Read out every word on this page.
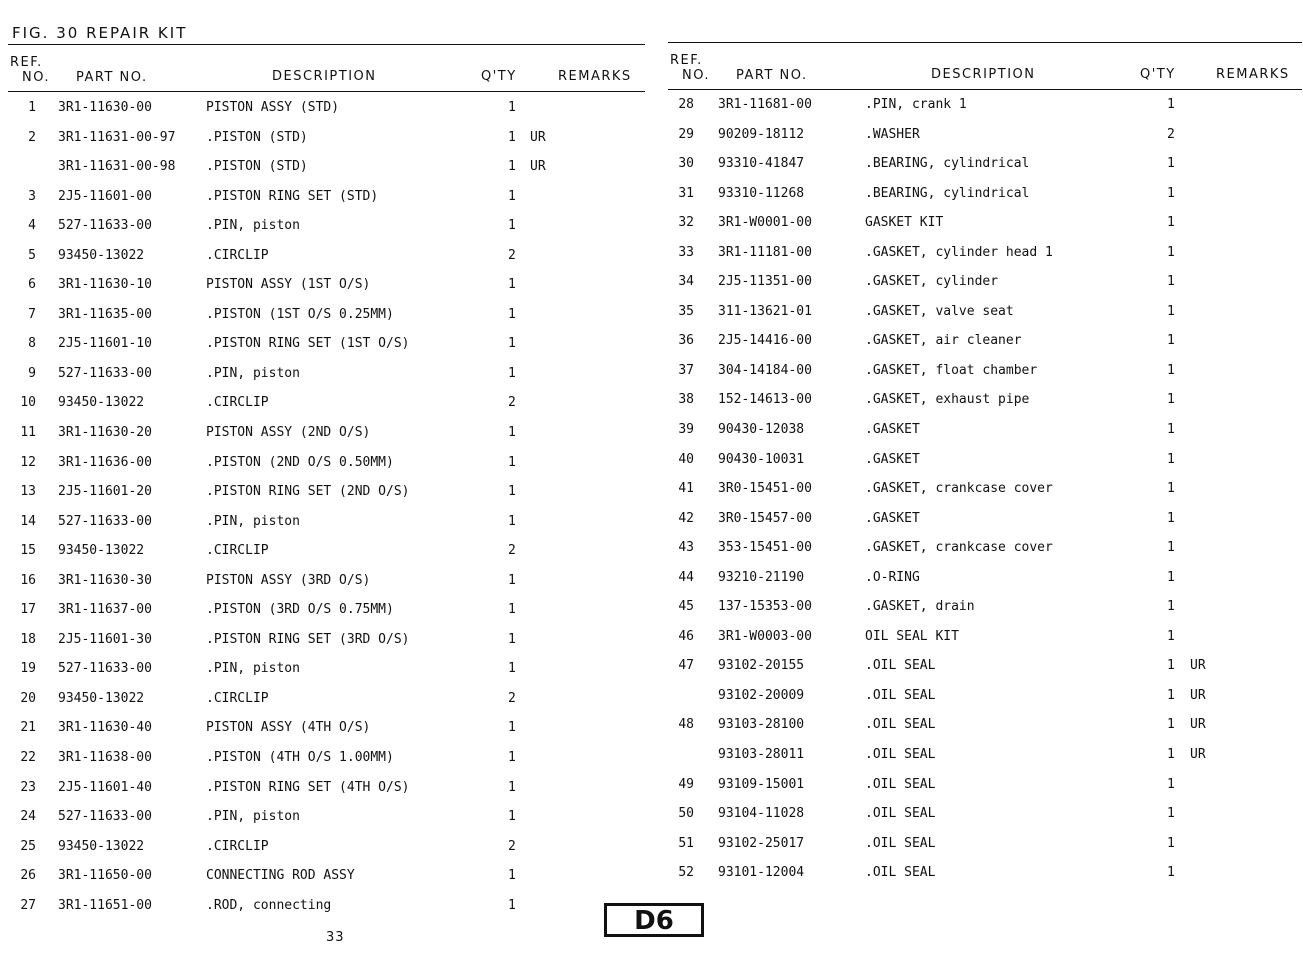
FIG. 30 REPAIR KIT
REF.
NO. PART NO.	DESCRIPTION	Q'TY	REMARKS
1 3R1-11630-00	PISTON ASSY (STD)	1
2 3R1-11631-00-97 .PISTON (STD)	1 UR
3R1-11631-00-98 .PISTON (STD)	1 UR
3 2J5-11601-00	.PISTON RING SET (STD)	1
4 527-11633-00	.PIN, piston	1
5 93450-13022	.CIRCLIP	2
6 3R1-11630-10	PISTON ASSY (1ST O/S)	1
7 3R1-11635-00	.PISTON (1ST O/S 0.25MM)	1
8 2J5-11601-10	.PISTON RING SET (1ST O/S)	1
9 527-11633-00	.PIN, piston	1
10 93450-13022	.CIRCLIP	2
11 3R1-11630-20	PISTON ASSY (2ND O/S)	1
12 3R1-11636-00	.PISTON (2ND O/S 0.50MM)	1
13 2J5-11601-20	.PISTON RING SET (2ND O/S)	1
14 527-11633-00	.PIN, piston	1
15 93450-13022	.CIRCLIP	2
16 3R1-11630-30	PISTON ASSY (3RD O/S)	1
17 3R1-11637-00	.PISTON (3RD O/S 0.75MM)	1
18 2J5-11601-30	.PISTON RING SET (3RD O/S)	1
19 527-11633-00	.PIN, piston	1
20 93450-13022	.CIRCLIP	2
21 3R1-11630-40	PISTON ASSY (4TH O/S)	1
22 3R1-11638-00	.PISTON (4TH O/S 1.00MM)	1
23 2J5-11601-40	.PISTON RING SET (4TH O/S)	1
24 527-11633-00	.PIN, piston	1
25 93450-13022	.CIRCLIP	2
26 3R1-11650-00	CONNECTING ROD ASSY	1
27 3R1-11651-00	.ROD, connecting	1
REF.
NO. PART NO.	DESCRIPTION	Q'TY	REMARKS
28 3R1-11681-00	.PIN, crank 1	1
29 90209-18112	.WASHER	2
30 93310-41847	.BEARING, cylindrical	1
31 93310-11268	.BEARING, cylindrical	1
32 3R1-W0001-00	GASKET KIT	1
33 3R1-11181-00	.GASKET, cylinder head 1	1
34 2J5-11351-00	.GASKET, cylinder	1
35 311-13621-01	.GASKET, valve seat	1
36 2J5-14416-00	.GASKET, air cleaner	1
37 304-14184-00	.GASKET, float chamber	1
38 152-14613-00	.GASKET, exhaust pipe	1
39 90430-12038	.GASKET	1
40 90430-10031	.GASKET	1
41 3R0-15451-00	.GASKET, crankcase cover	1
42 3R0-15457-00	.GASKET	1
43 353-15451-00	.GASKET, crankcase cover	1
44 93210-21190	.O-RING	1
45 137-15353-00	.GASKET, drain	1
46 3R1-W0003-00	OIL SEAL KIT	1
47 93102-20155	.OIL SEAL	1 UR
93102-20009	.OIL SEAL	1 UR
48 93103-28100	.OIL SEAL	1 UR
93103-28011	.OIL SEAL	1 UR
49 93109-15001	.OIL SEAL	1
50 93104-11028	.OIL SEAL	1
51 93102-25017	.OIL SEAL	1
52 93101-12004	.OIL SEAL	1
33
D6
